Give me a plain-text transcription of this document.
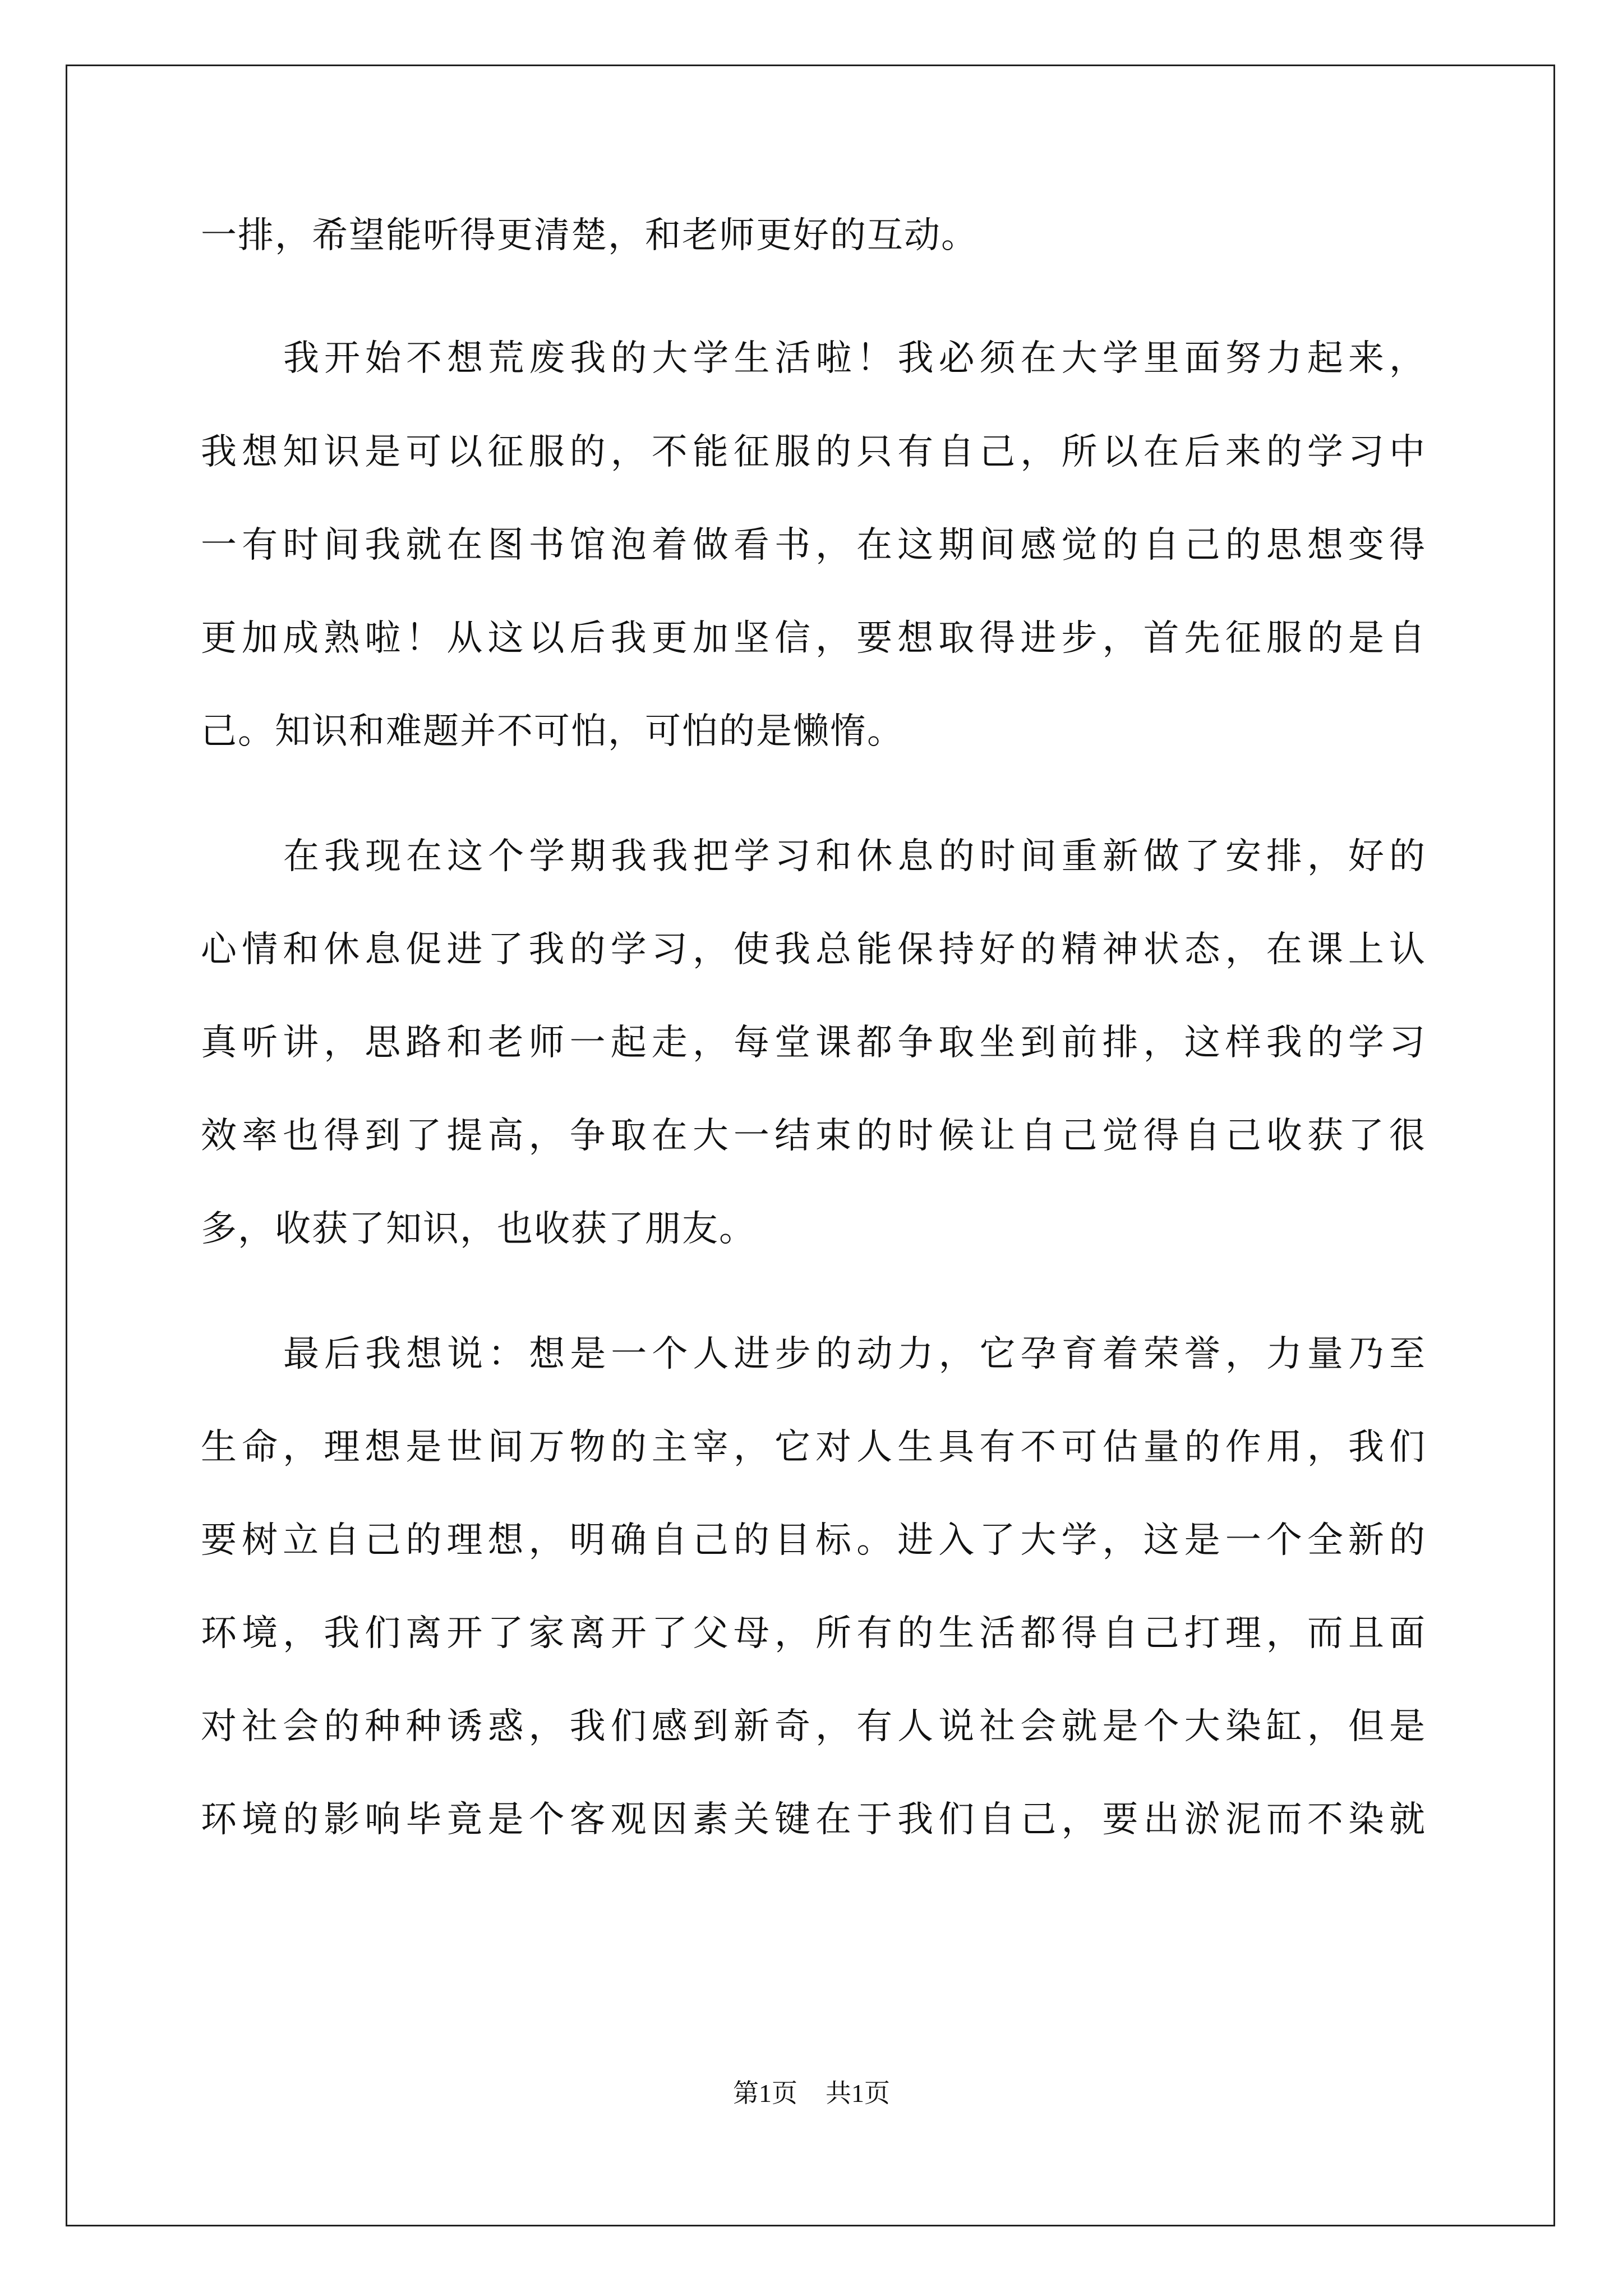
一排，希望能听得更清楚，和老师更好的互动。
我开始不想荒废我的大学生活啦！我必须在大学里面努力起来，
我想知识是可以征服的，不能征服的只有自己，所以在后来的学习中
一有时间我就在图书馆泡着做看书，在这期间感觉的自己的思想变得
更加成熟啦！从这以后我更加坚信，要想取得进步，首先征服的是自
己。知识和难题并不可怕，可怕的是懒惰。
在我现在这个学期我我把学习和休息的时间重新做了安排，好的
心情和休息促进了我的学习，使我总能保持好的精神状态，在课上认
真听讲，思路和老师一起走，每堂课都争取坐到前排，这样我的学习
效率也得到了提高，争取在大一结束的时候让自己觉得自己收获了很
多，收获了知识，也收获了朋友。
最后我想说：想是一个人进步的动力，它孕育着荣誉，力量乃至
生命，理想是世间万物的主宰，它对人生具有不可估量的作用，我们
要树立自己的理想，明确自己的目标。进入了大学，这是一个全新的
环境，我们离开了家离开了父母，所有的生活都得自己打理，而且面
对社会的种种诱惑，我们感到新奇，有人说社会就是个大染缸，但是
环境的影响毕竟是个客观因素关键在于我们自己，要出淤泥而不染就
第1页 共1页
